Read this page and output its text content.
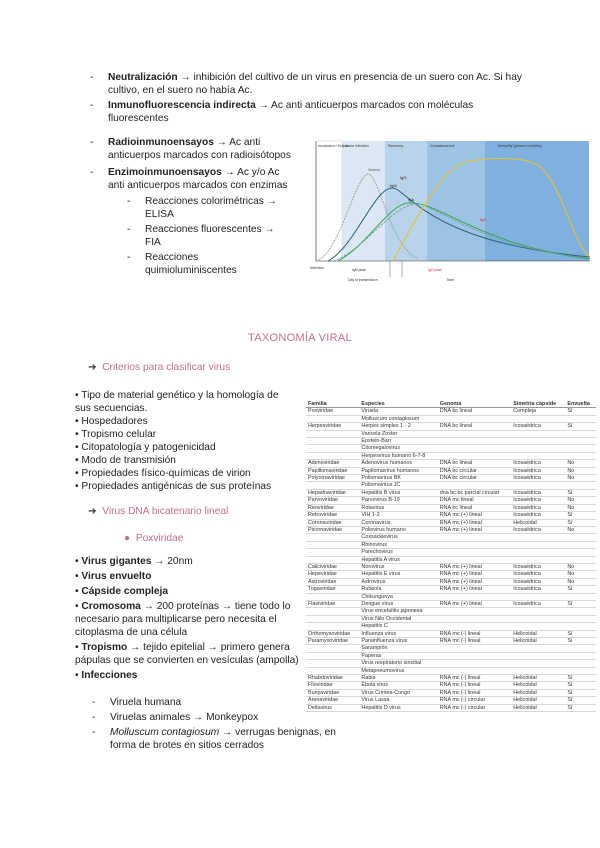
- Neutralización → inhibición del cultivo de un virus en presencia de un suero con Ac. Si hay cultivo, en el suero no había Ac.
- Inmunofluorescencia indirecta → Ac anti anticuerpos marcados con moléculas fluorescentes
- Radioinmunoensayos → Ac anti anticuerpos marcados con radioisótopos
- Enzimoinmunoensayos → Ac y/o Ac anti anticuerpos marcados con enzimas
- Reacciones colorimétricas → ELISA
- Reacciones fluorescentes → FIA
- Reacciones quimioluminiscentes
Incubation / Eclipse
Acute infection	Recovery	Convalescence	Immunity (years to months)
IgM
IgG
IgA
Viremia
IgG
Infection
Time
IgM peak	IgG peak
Day of transmission
TAXONOMÍA VIRAL
➔ Criterios para clasificar virus
• Tipo de material genético y la homología de sus secuencias.
• Hospedadores
• Tropismo celular
• Citopatología y patogenicidad
• Modo de transmisión
• Propiedades físico-químicas de virion
• Propiedades antigénicas de sus proteínas
➔ Virus DNA bicatenario lineal
● Poxviridae
• Virus gigantes → 20nm
• Virus envuelto
• Cápside compleja
• Cromosoma → 200 proteínas → tiene todo lo necesario para multiplicarse pero necesita el citoplasma de una célula
• Tropismo → tejido epitelial → primero genera pápulas que se convierten en vesículas (ampolla)
• Infecciones
- Viruela humana
- Viruelas animales → Monkeypox
- Molluscum contagiosum → verrugas benignas, en forma de brotes en sitios cerrados
Familia	Especies	Genoma	Simetría cápside	Envuelta
Poxviridae	Viruela	DNA bc lineal	Compleja	Sí
	Molluscum contagiosum			
Herpesviridae	Herpes simplex 1 - 2	DNA bc lineal	Icosaédrica	Sí
	Varicela Zoster			
	Epstein-Barr			
	Citomegalovirus			
	Herpesvirus humano 6-7-8			
Adenoviridae	Adenovirus humanos	DNA bc lineal	Icosaédrica	No
Papillomaviridae	Papilomavirus humanos	DNA bc circular	Icosaédrica	No
Polyomaviridae	Poliomavirus BK	DNA bc circular	Icosaédrica	No
	Poliomavirus JC			
Hepadnaviridae	Hepatitis B virus	dna bc bc parcial circular	Icosaédrica	Sí
Parvoviridae	Parvovirus B-19	DNA mc lineal	Icosaédrica	No
Reoviridae	Rotavirus	RNA bc lineal	Icosaédrica	No
Retroviridae	VIH 1-2	RNA mc (+) lineal	Icosaédrica	Sí
Coronaviridae	Coronavirus	RNA mc (+) lineal	Helicoidal	Sí
Picornaviridae	Poliovirus humano	RNA mc (+) lineal	Icosaédrica	No
	Coxsackievirus			
	Rhinovirus			
	Parechovirus			
	Hepatitis A virus			
Caliciviridae	Norovirus	RNA mc (+) lineal	Icosaédrica	No
Hepeviridae	Hepatitis E virus	RNA mc (+) lineal	Icosaédrica	No
Astroviridae	Astrovirus	RNA mc (+) lineal	Icosaédrica	No
Togaviridae	Rubeola	RNA mc (+) lineal	Icosaédrica	Sí
	Chikungunya			
Flaviviridae	Dengue virus	RNA mc (+) lineal	Icosaédrica	Sí
	Virus encefalitis japonesa			
	Virus Nilo Occidental			
	Hepatitis C			
Orthomyxoviridae	Influenza virus	RNA mc (-) lineal	Helicoidal	Sí
Paramyxoviridae	Parainfluenza virus	RNA mc (-) lineal	Helicoidal	Sí
	Sarampión			
	Paperas			
	Virus respiratorio sincitial			
	Metapneumovirus			
Rhabdoviridae	Rabia	RNA mc (-) lineal	Helicoidal	Sí
Filoviridae	Ébola virus	RNA mc (-) lineal	Helicoidal	Sí
Bunyaviridae	Virus Crimea-Congo	RNA mc (-) lineal	Helicoidal	Sí
Arenaviridae	Virus Lassa	RNA mc (-) circular	Helicoidal	Sí
Deltavirus	Hepatitis D virus	RNA mc (-) circular	Helicoidal	Sí
